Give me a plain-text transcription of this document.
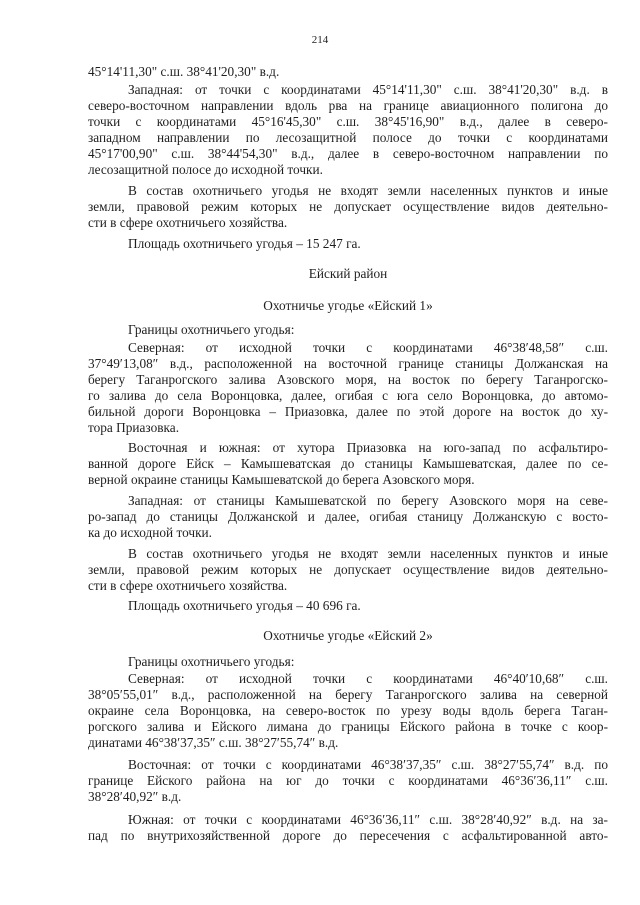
214
45°14'11,30" с.ш. 38°41'20,30" в.д.
Западная: от точки с координатами 45°14'11,30" с.ш. 38°41'20,30" в.д. в
северо-восточном направлении вдоль рва на границе авиационного полигона до
точки с координатами 45°16'45,30" с.ш. 38°45'16,90" в.д., далее в северо-
западном направлении по лесозащитной полосе до точки с координатами
45°17'00,90" с.ш. 38°44'54,30" в.д., далее в северо-восточном направлении по
лесозащитной полосе до исходной точки.
В состав охотничьего угодья не входят земли населенных пунктов и иные
земли, правовой режим которых не допускает осуществление видов деятельно-
сти в сфере охотничьего хозяйства.
Площадь охотничьего угодья – 15 247 га.
Ейский район
Охотничье угодье «Ейский 1»
Границы охотничьего угодья:
Северная: от исходной точки с координатами 46°38′48,58″ с.ш.
37°49′13,08″ в.д., расположенной на восточной границе станицы Должанская на
берегу Таганрогского залива Азовского моря, на восток по берегу Таганрогско-
го залива до села Воронцовка, далее, огибая с юга село Воронцовка, до автомо-
бильной дороги Воронцовка – Приазовка, далее по этой дороге на восток до ху-
тора Приазовка.
Восточная и южная: от хутора Приазовка на юго-запад по асфальтиро-
ванной дороге Ейск – Камышеватская до станицы Камышеватская, далее по се-
верной окраине станицы Камышеватской до берега Азовского моря.
Западная: от станицы Камышеватской по берегу Азовского моря на севе-
ро-запад до станицы Должанской и далее, огибая станицу Должанскую с восто-
ка до исходной точки.
В состав охотничьего угодья не входят земли населенных пунктов и иные
земли, правовой режим которых не допускает осуществление видов деятельно-
сти в сфере охотничьего хозяйства.
Площадь охотничьего угодья – 40 696 га.
Охотничье угодье «Ейский 2»
Границы охотничьего угодья:
Северная: от исходной точки с координатами 46°40′10,68″ с.ш.
38°05′55,01″ в.д., расположенной на берегу Таганрогского залива на северной
окраине села Воронцовка, на северо-восток по урезу воды вдоль берега Таган-
рогского залива и Ейского лимана до границы Ейского района в точке с коор-
динатами 46°38′37,35″ с.ш. 38°27′55,74″ в.д.
Восточная: от точки с координатами 46°38′37,35″ с.ш. 38°27′55,74″ в.д. по
границе Ейского района на юг до точки с координатами 46°36′36,11″ с.ш.
38°28′40,92″ в.д.
Южная: от точки с координатами 46°36′36,11″ с.ш. 38°28′40,92″ в.д. на за-
пад по внутрихозяйственной дороге до пересечения с асфальтированной авто-
